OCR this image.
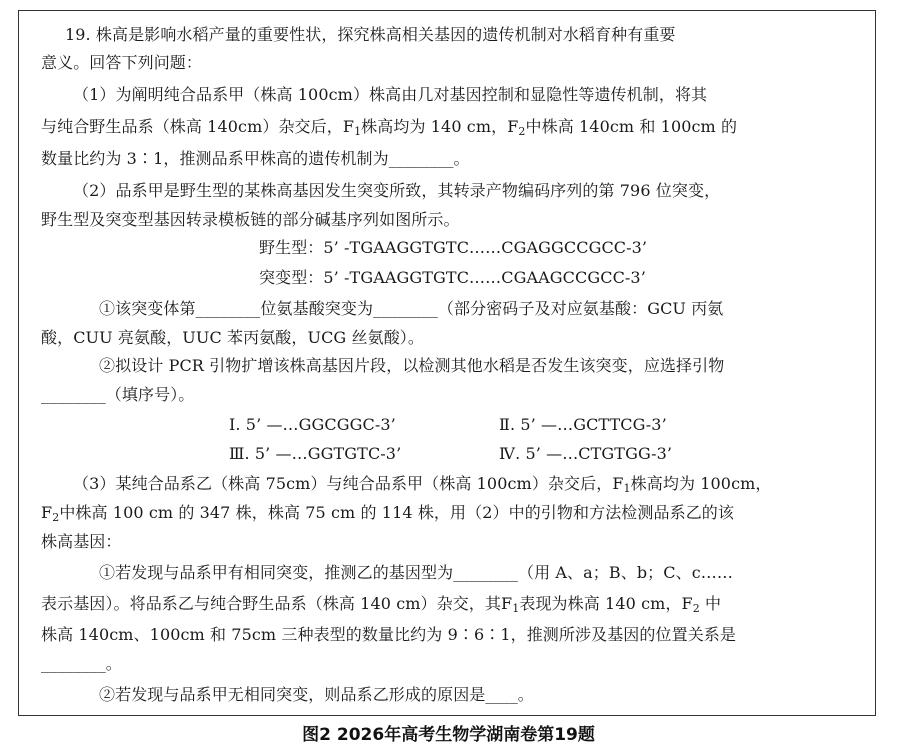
19. 株高是影响水稻产量的重要性状，探究株高相关基因的遗传机制对水稻育种有重要
意义。回答下列问题：
（1）为阐明纯合品系甲（株高 100cm）株高由几对基因控制和显隐性等遗传机制，将其
与纯合野生品系（株高 140cm）杂交后，$F_1$株高均为 140 cm，$F_2$中株高 140cm 和 100cm 的
数量比约为 3∶1，推测品系甲株高的遗传机制为________。
（2）品系甲是野生型的某株高基因发生突变所致，其转录产物编码序列的第 796 位突变，
野生型及突变型基因转录模板链的部分碱基序列如图所示。
野生型：5’ -TGAAGGTGTC……CGAGGCCGCC-3’
突变型：5’ -TGAAGGTGTC……CGAAGCCGCC-3’
①该突变体第________位氨基酸突变为________（部分密码子及对应氨基酸：GCU 丙氨
酸，CUU 亮氨酸，UUC 苯丙氨酸，UCG 丝氨酸）。
②拟设计 PCR 引物扩增该株高基因片段，以检测其他水稻是否发生该突变，应选择引物
________（填序号）。
Ⅰ. 5’ —…GGCGGC-3’	Ⅱ. 5’ —…GCTTCG-3’
Ⅲ. 5’ —…GGTGTC-3’	Ⅳ. 5’ —…CTGTGG-3’
（3）某纯合品系乙（株高 75cm）与纯合品系甲（株高 100cm）杂交后，$F_1$株高均为 100cm，
$F_2$中株高 100 cm 的 347 株，株高 75 cm 的 114 株，用（2）中的引物和方法检测品系乙的该
株高基因：
①若发现与品系甲有相同突变，推测乙的基因型为________（用 A、a；B、b；C、c……
表示基因）。将品系乙与纯合野生品系（株高 140 cm）杂交，其$F_1$表现为株高 140 cm，$F_2$ 中
株高 140cm、100cm 和 75cm 三种表型的数量比约为 9∶6∶1，推测所涉及基因的位置关系是
________。
②若发现与品系甲无相同突变，则品系乙形成的原因是____。
图2 2026年高考生物学湖南卷第19题
